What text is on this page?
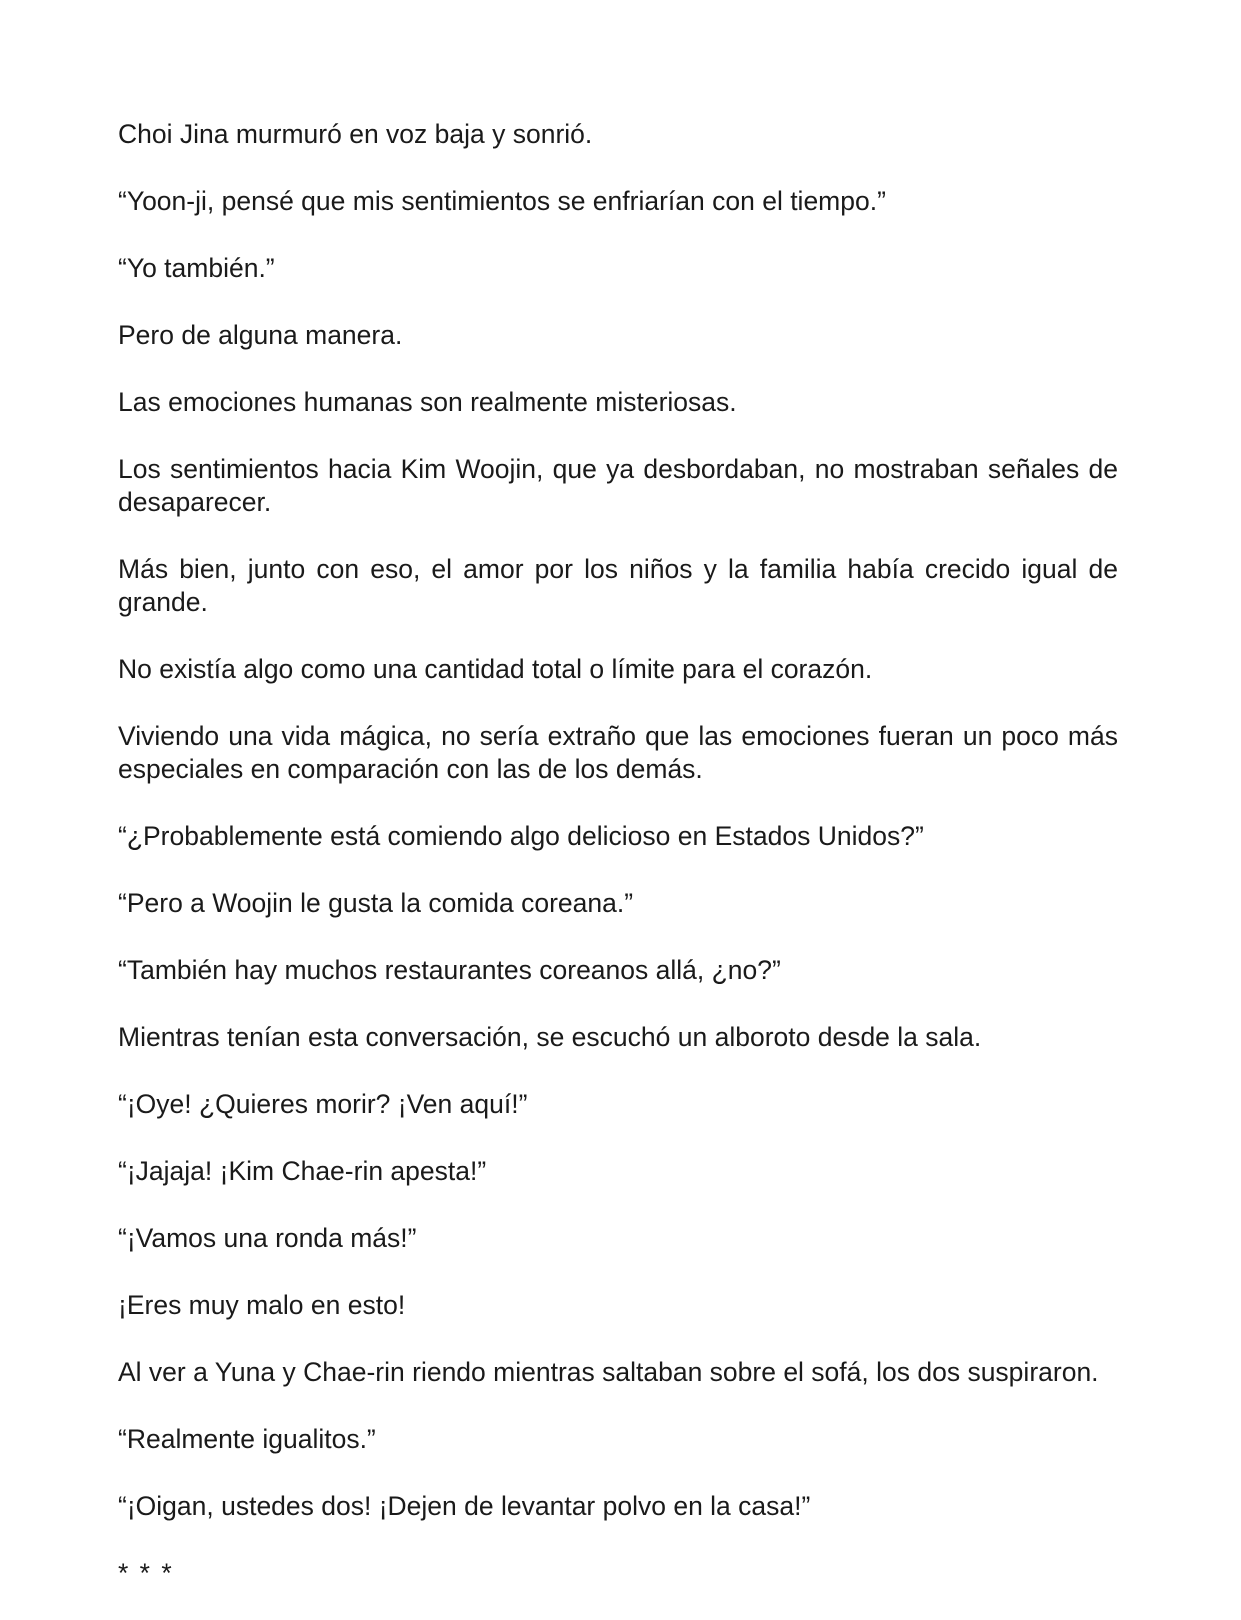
Choi Jina murmuró en voz baja y sonrió.

“Yoon-ji, pensé que mis sentimientos se enfriarían con el tiempo.”

“Yo también.”

Pero de alguna manera.

Las emociones humanas son realmente misteriosas.

Los sentimientos hacia Kim Woojin, que ya desbordaban, no mostraban señales de desaparecer.

Más bien, junto con eso, el amor por los niños y la familia había crecido igual de grande.

No existía algo como una cantidad total o límite para el corazón.

Viviendo una vida mágica, no sería extraño que las emociones fueran un poco más especiales en comparación con las de los demás.

“¿Probablemente está comiendo algo delicioso en Estados Unidos?”

“Pero a Woojin le gusta la comida coreana.”

“También hay muchos restaurantes coreanos allá, ¿no?”

Mientras tenían esta conversación, se escuchó un alboroto desde la sala.

“¡Oye! ¿Quieres morir? ¡Ven aquí!”

“¡Jajaja! ¡Kim Chae-rin apesta!”

“¡Vamos una ronda más!”

¡Eres muy malo en esto!

Al ver a Yuna y Chae-rin riendo mientras saltaban sobre el sofá, los dos suspiraron.

“Realmente igualitos.”

“¡Oigan, ustedes dos! ¡Dejen de levantar polvo en la casa!”

* * *
